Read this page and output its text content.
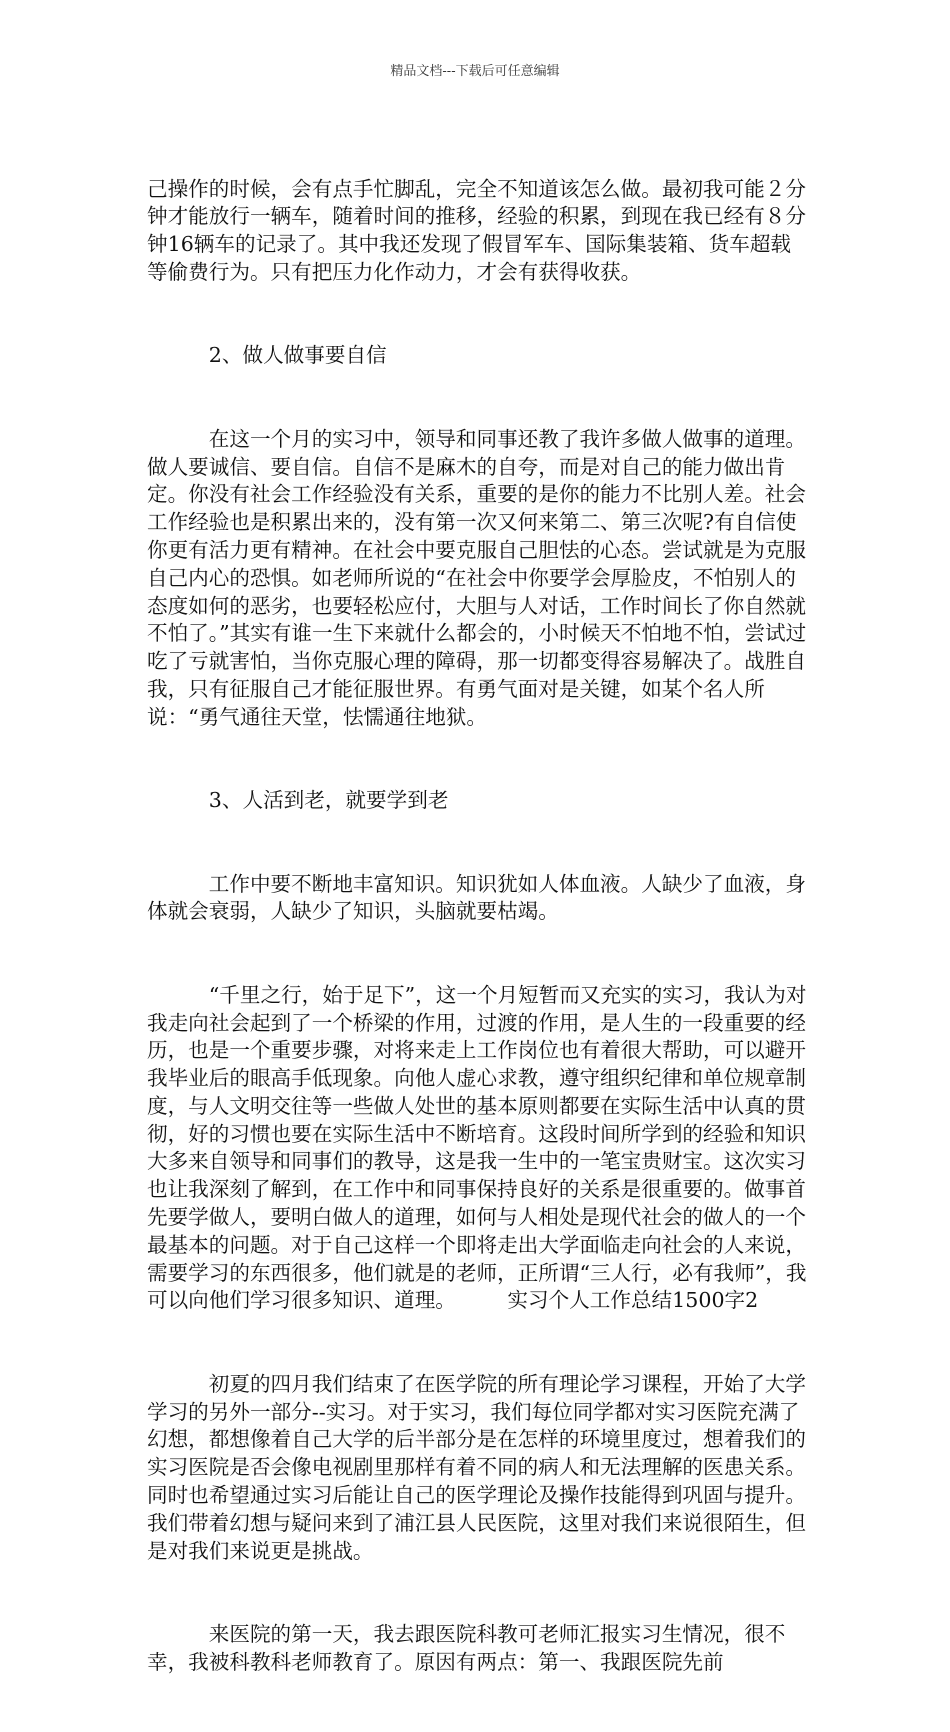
精品文档---下载后可任意编辑

己操作的时候，会有点手忙脚乱，完全不知道该怎么做。最初我可能２分钟才能放行一辆车，随着时间的推移，经验的积累，到现在我已经有８分钟16辆车的记录了。其中我还发现了假冒军车、国际集装箱、货车超载等偷费行为。只有把压力化作动力，才会有获得收获。

　　　2、做人做事要自信

　　　在这一个月的实习中，领导和同事还教了我许多做人做事的道理。做人要诚信、要自信。自信不是麻木的自夸，而是对自己的能力做出肯定。你没有社会工作经验没有关系，重要的是你的能力不比别人差。社会工作经验也是积累出来的，没有第一次又何来第二、第三次呢?有自信使你更有活力更有精神。在社会中要克服自己胆怯的心态。尝试就是为克服自己内心的恐惧。如老师所说的“在社会中你要学会厚脸皮，不怕别人的态度如何的恶劣，也要轻松应付，大胆与人对话，工作时间长了你自然就不怕了。”其实有谁一生下来就什么都会的，小时候天不怕地不怕，尝试过吃了亏就害怕，当你克服心理的障碍，那一切都变得容易解决了。战胜自我，只有征服自己才能征服世界。有勇气面对是关键，如某个名人所说：“勇气通往天堂，怯懦通往地狱。

　　　3、人活到老，就要学到老

　　　工作中要不断地丰富知识。知识犹如人体血液。人缺少了血液，身体就会衰弱，人缺少了知识，头脑就要枯竭。

　　　“千里之行，始于足下”，这一个月短暂而又充实的实习，我认为对我走向社会起到了一个桥梁的作用，过渡的作用，是人生的一段重要的经历，也是一个重要步骤，对将来走上工作岗位也有着很大帮助，可以避开我毕业后的眼高手低现象。向他人虚心求教，遵守组织纪律和单位规章制度，与人文明交往等一些做人处世的基本原则都要在实际生活中认真的贯彻，好的习惯也要在实际生活中不断培育。这段时间所学到的经验和知识大多来自领导和同事们的教导，这是我一生中的一笔宝贵财宝。这次实习也让我深刻了解到，在工作中和同事保持良好的关系是很重要的。做事首先要学做人，要明白做人的道理，如何与人相处是现代社会的做人的一个最基本的问题。对于自己这样一个即将走出大学面临走向社会的人来说，需要学习的东西很多，他们就是的老师，正所谓“三人行，必有我师”，我可以向他们学习很多知识、道理。　　　实习个人工作总结1500字2

　　　初夏的四月我们结束了在医学院的所有理论学习课程，开始了大学学习的另外一部分--实习。对于实习，我们每位同学都对实习医院充满了幻想，都想像着自己大学的后半部分是在怎样的环境里度过，想着我们的实习医院是否会像电视剧里那样有着不同的病人和无法理解的医患关系。同时也希望通过实习后能让自己的医学理论及操作技能得到巩固与提升。我们带着幻想与疑问来到了浦江县人民医院，这里对我们来说很陌生，但是对我们来说更是挑战。

　　　来医院的第一天，我去跟医院科教可老师汇报实习生情况，很不幸，我被科教科老师教育了。原因有两点：第一、我跟医院先前
